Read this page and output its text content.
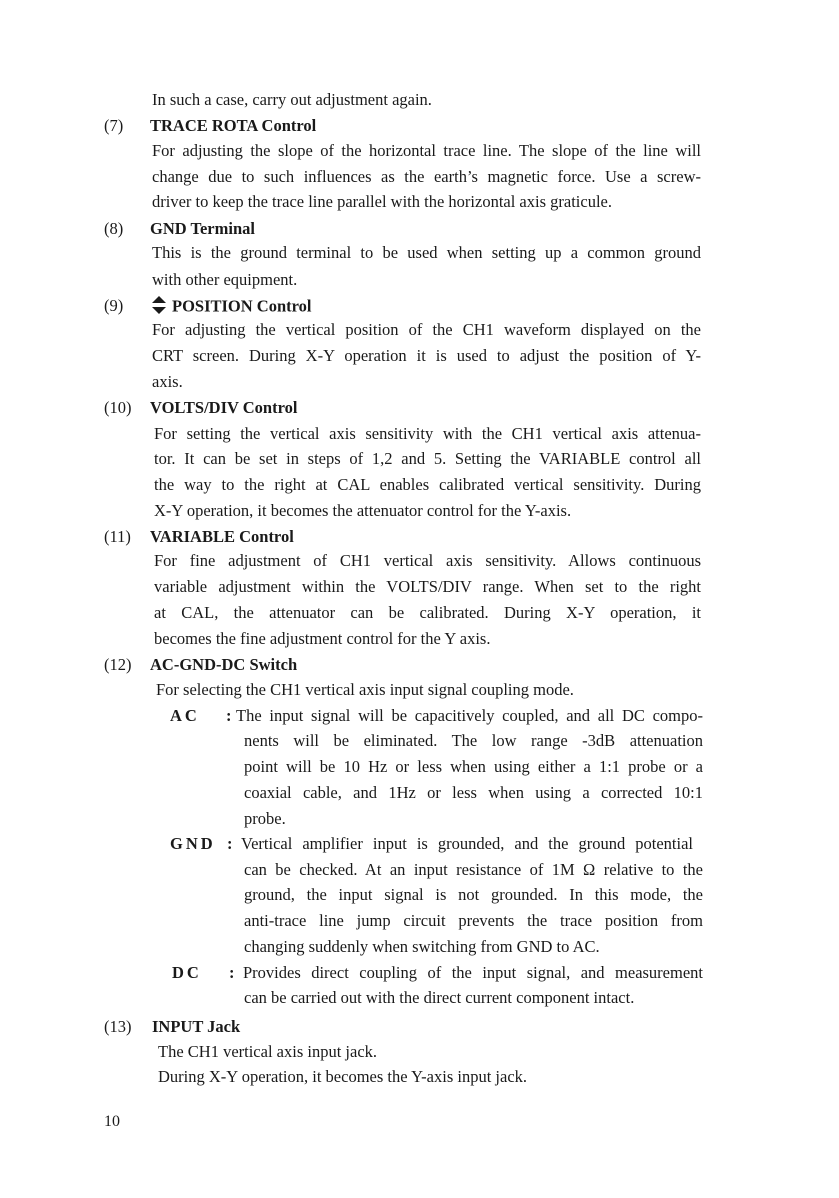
In such a case, carry out adjustment again.
(7) TRACE ROTA Control
For adjusting the slope of the horizontal trace line. The slope of the line will
change due to such influences as the earth’s magnetic force. Use a screw-
driver to keep the trace line parallel with the horizontal axis graticule.
(8) GND Terminal
This is the ground terminal to be used when setting up a common ground
with other equipment.
(9)	POSITION Control
For adjusting the vertical position of the CH1 waveform displayed on the
CRT screen. During X-Y operation it is used to adjust the position of Y-
axis.
(10) VOLTS/DIV Control
For setting the vertical axis sensitivity with the CH1 vertical axis attenua-
tor. It can be set in steps of 1,2 and 5. Setting the VARIABLE control all
the way to the right at CAL enables calibrated vertical sensitivity. During
X-Y operation, it becomes the attenuator control for the Y-axis.
(11) VARIABLE Control
For fine adjustment of CH1 vertical axis sensitivity. Allows continuous
variable adjustment within the VOLTS/DIV range. When set to the right
at CAL, the attenuator can be calibrated. During X-Y operation, it
becomes the fine adjustment control for the Y axis.
(12) AC-GND-DC Switch
For selecting the CH1 vertical axis input signal coupling mode.
AC : The input signal will be capacitively coupled, and all DC compo-
nents will be eliminated. The low range -3dB attenuation
point will be 10 Hz or less when using either a 1:1 probe or a
coaxial cable, and 1Hz or less when using a corrected 10:1
probe.
GND : Vertical amplifier input is grounded, and the ground potential
can be checked. At an input resistance of 1M Ω relative to the
ground, the input signal is not grounded. In this mode, the
anti-trace line jump circuit prevents the trace position from
changing suddenly when switching from GND to AC.
DC : Provides direct coupling of the input signal, and measurement
can be carried out with the direct current component intact.
(13) INPUT Jack
The CH1 vertical axis input jack.
During X-Y operation, it becomes the Y-axis input jack.
10
